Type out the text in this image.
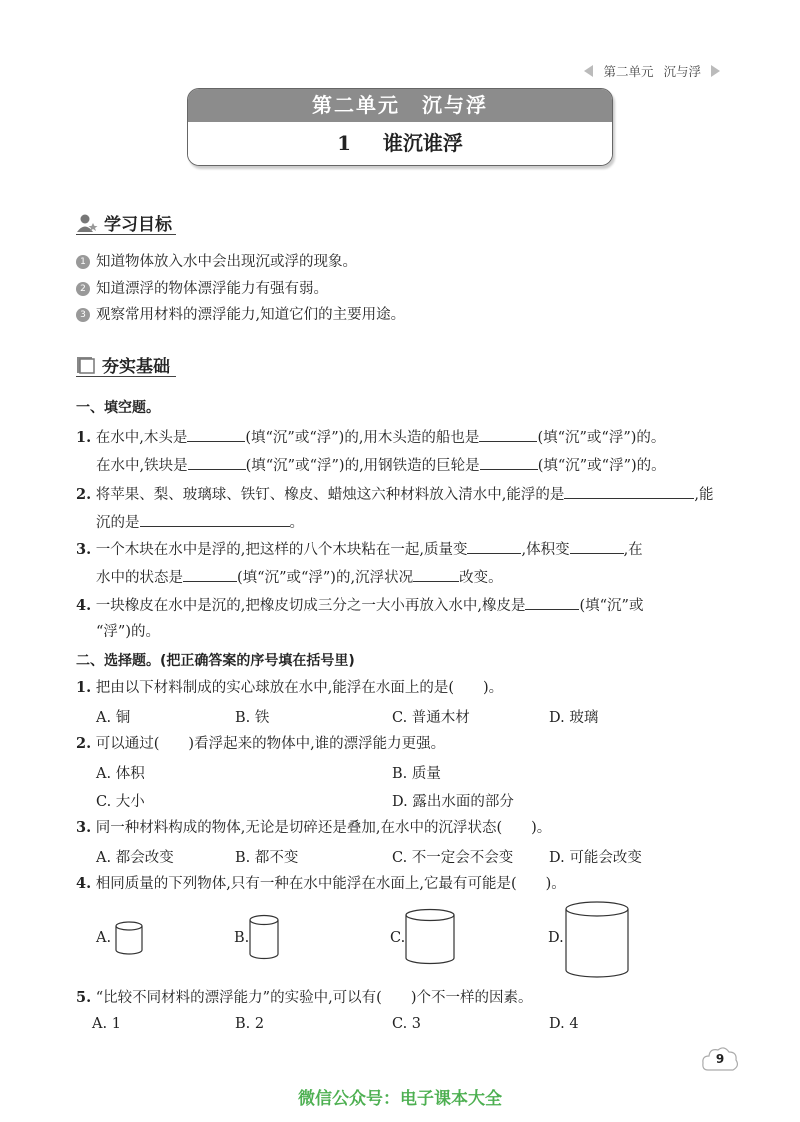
第二单元 沉与浮
第二单元　沉与浮
1 谁沉谁浮
学习目标
1 知道物体放入水中会出现沉或浮的现象。
2 知道漂浮的物体漂浮能力有强有弱。
3 观察常用材料的漂浮能力,知道它们的主要用途。
夯实基础
一、填空题。
1. 在水中,木头是	(填“沉”或“浮”)的,用木头造的船也是	(填“沉”或“浮”)的。
在水中,铁块是	(填“沉”或“浮”)的,用钢铁造的巨轮是	(填“沉”或“浮”)的。
2. 将苹果、梨、玻璃球、铁钉、橡皮、蜡烛这六种材料放入清水中,能浮的是	,能
沉的是	。
3. 一个木块在水中是浮的,把这样的八个木块粘在一起,质量变	,体积变	,在
水中的状态是	(填“沉”或“浮”)的,沉浮状况	改变。
4. 一块橡皮在水中是沉的,把橡皮切成三分之一大小再放入水中,橡皮是	(填“沉”或
“浮”)的。
二、选择题。(把正确答案的序号填在括号里)
1. 把由以下材料制成的实心球放在水中,能浮在水面上的是(　　)。
A. 铜	B. 铁	C. 普通木材	D. 玻璃
2. 可以通过(　　)看浮起来的物体中,谁的漂浮能力更强。
A. 体积	B. 质量
C. 大小	D. 露出水面的部分
3. 同一种材料构成的物体,无论是切碎还是叠加,在水中的沉浮状态(　　)。
A. 都会改变	B. 都不变	C. 不一定会不会变 D. 可能会改变
4. 相同质量的下列物体,只有一种在水中能浮在水面上,它最有可能是(　　)。
A.	B.	C.	D.
5. “比较不同材料的漂浮能力”的实验中,可以有(　　)个不一样的因素。
A. 1	B. 2	C. 3	D. 4
9
微信公众号：电子课本大全
